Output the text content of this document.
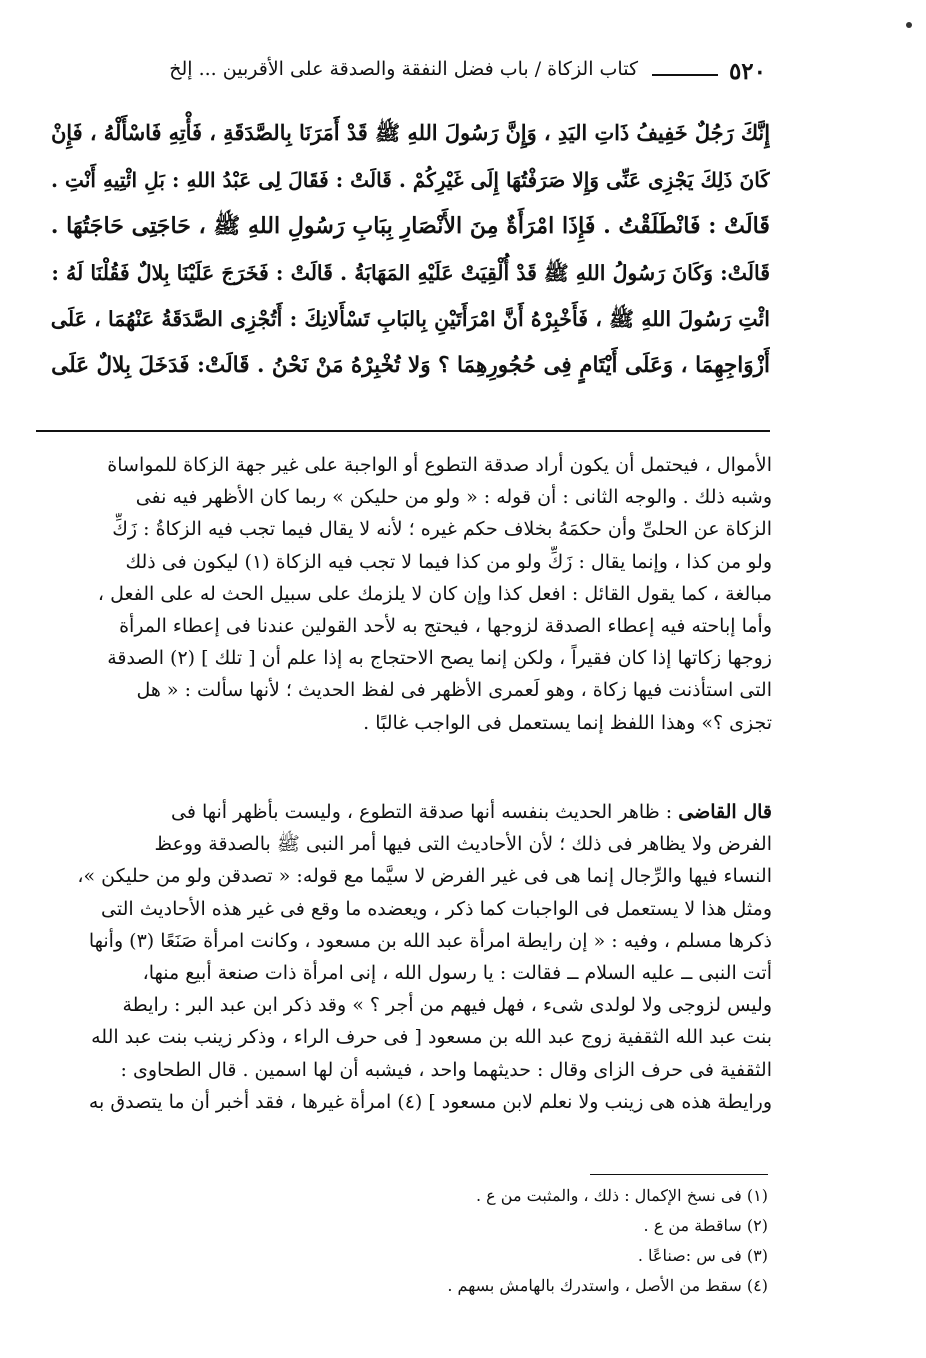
٥٢٠
كتاب الزكاة / باب فضل النفقة والصدقة على الأقربين ... إلخ
إِنَّكَ رَجُلٌ خَفِيفُ ذَاتِ اليَدِ ، وَإِنَّ رَسُولَ اللهِ ﷺ قَدْ أَمَرَنَا بِالصَّدَقَةِ ، فَأْتِهِ فَاسْأَلْهُ ، فَإِنْ
كَانَ ذَلِكَ يَجْزِى عَنِّى وَإِلا صَرَفْتُهَا إِلَى غَيْرِكُمْ . قَالَتْ : فَقَالَ لِى عَبْدُ اللهِ : بَلِ ائْتِيهِ أَنْتِ .
قَالَتْ : فَانْطَلَقْتُ . فَإِذَا امْرَأَةٌ مِنَ الأَنْصَارِ بِبَابِ رَسُولِ اللهِ ﷺ ، حَاجَتِى حَاجَتُهَا .
قَالَتْ: وَكَانَ رَسُولُ اللهِ ﷺ قَدْ أُلْقِيَتْ عَلَيْهِ المَهَابَةُ . قَالَتْ : فَخَرَجَ عَلَيْنَا بِلالٌ فَقُلْنَا لَهُ :
ائْتِ رَسُولَ اللهِ ﷺ ، فَأَخْبِرْهُ أَنَّ امْرَأَتَيْنِ بِالبَابِ تَسْأَلانِكَ : أَتُجْزِى الصَّدَقَةُ عَنْهُمَا ، عَلَى
أَزْوَاجِهِمَا ، وَعَلَى أَيْتَامٍ فِى حُجُورِهِمَا ؟ وَلا تُخْبِرْهُ مَنْ نَحْنُ . قَالَتْ: فَدَخَلَ بِلالٌ عَلَى
الأموال ، فيحتمل أن يكون أراد صدقة التطوع أو الواجبة على غير جهة الزكاة للمواساة
وشبه ذلك . والوجه الثانى : أن قوله : « ولو من حليكن » ربما كان الأظهر فيه نفى
الزكاة عن الحلىِّ وأن حكمَهُ بخلاف حكم غيره ؛ لأنه لا يقال فيما تجب فيه الزكاةُ : زَكِّ
ولو من كذا ، وإنما يقال : زَكِّ ولو من كذا فيما لا تجب فيه الزكاة (١) ليكون فى ذلك
مبالغة ، كما يقول القائل : افعل كذا وإن كان لا يلزمك على سبيل الحث له على الفعل ،
وأما إباحته فيه إعطاء الصدقة لزوجها ، فيحتج به لأحد القولين عندنا فى إعطاء المرأة
زوجها زكاتها إذا كان فقيراً ، ولكن إنما يصح الاحتجاج به إذا علم أن [ تلك ] (٢) الصدقة
التى استأذنت فيها زكاة ، وهو لَعمرى الأظهر فى لفظ الحديث ؛ لأنها سألت : « هل
تجزى ؟» وهذا اللفظ إنما يستعمل فى الواجب غالبًا .
قال القاضى : ظاهر الحديث بنفسه أنها صدقة التطوع ، وليست بأظهر أنها فى
الفرض ولا يظاهر فى ذلك ؛ لأن الأحاديث التى فيها أمر النبى ﷺ بالصدقة ووعظ
النساء فيها والرِّجال إنما هى فى غير الفرض لا سيَّما مع قوله: « تصدقن ولو من حليكن »،
ومثل هذا لا يستعمل فى الواجبات كما ذكر ، ويعضده ما وقع فى غير هذه الأحاديث التى
ذكرها مسلم ، وفيه : « إن رايطة امرأة عبد الله بن مسعود ، وكانت امرأة صَنَعًا (٣) وأنها
أتت النبى ــ عليه السلام ــ فقالت : يا رسول الله ، إنى امرأة ذات صنعة أبيع منها،
وليس لزوجى ولا لولدى شىء ، فهل فيهم من أجر ؟ » وقد ذكر ابن عبد البر : رايطة
بنت عبد الله الثقفية زوج عبد الله بن مسعود [ فى حرف الراء ، وذكر زينب بنت عبد الله
الثقفية فى حرف الزاى وقال : حديثهما واحد ، فيشبه أن لها اسمين . قال الطحاوى :
ورايطة هذه هى زينب ولا نعلم لابن مسعود ] (٤) امرأة غيرها ، فقد أخبر أن ما يتصدق به
(١) فى نسخ الإكمال : ذلك ، والمثبت من ع .
(٢) ساقطة من ع .
(٣) فى س :صناعًا .
(٤) سقط من الأصل ، واستدرك بالهامش بسهم .
